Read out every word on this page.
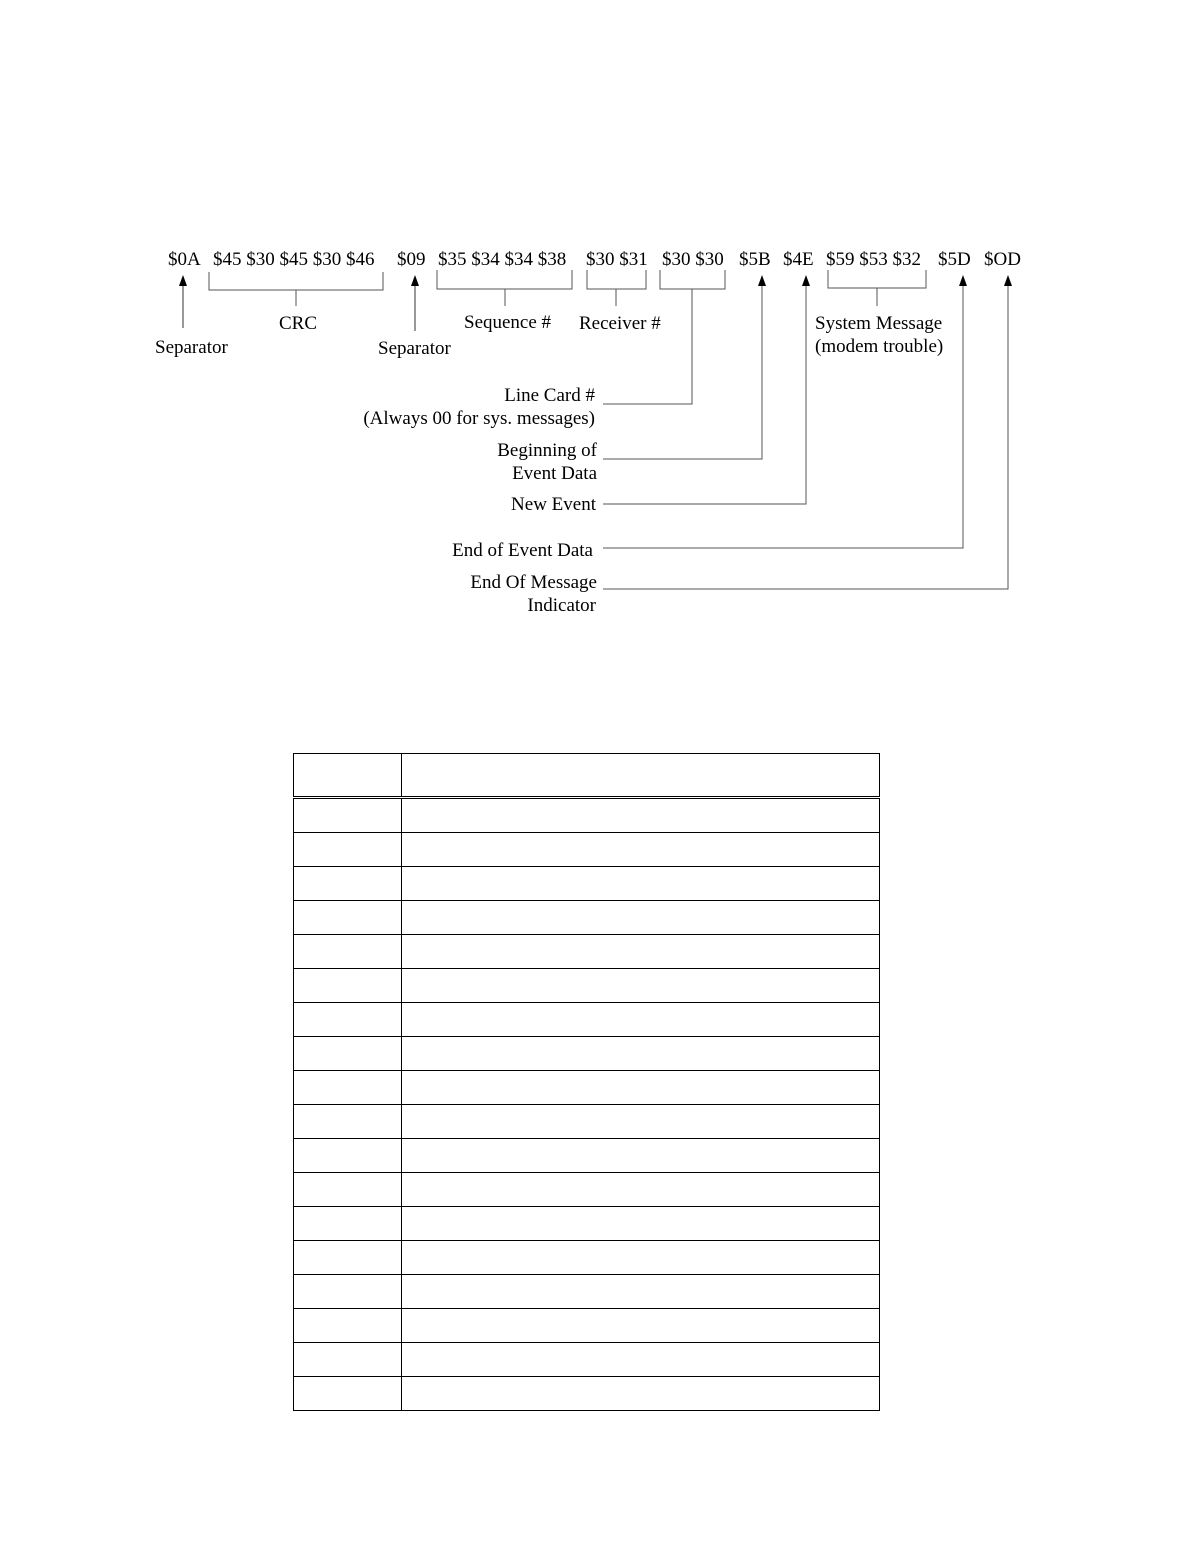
$0A $45 $30 $45 $30 $46 $09 $35 $34 $34 $38 $30 $31 $30 $30 $5B $4E $59 $53 $32 $5D $OD
Separator
CRC
Separator
Sequence # Receiver #
Line Card #
(Always 00 for sys. messages)
Beginning of
Event Data
New Event
System Message
(modem trouble)
End of Event Data
End Of Message
Indicator
